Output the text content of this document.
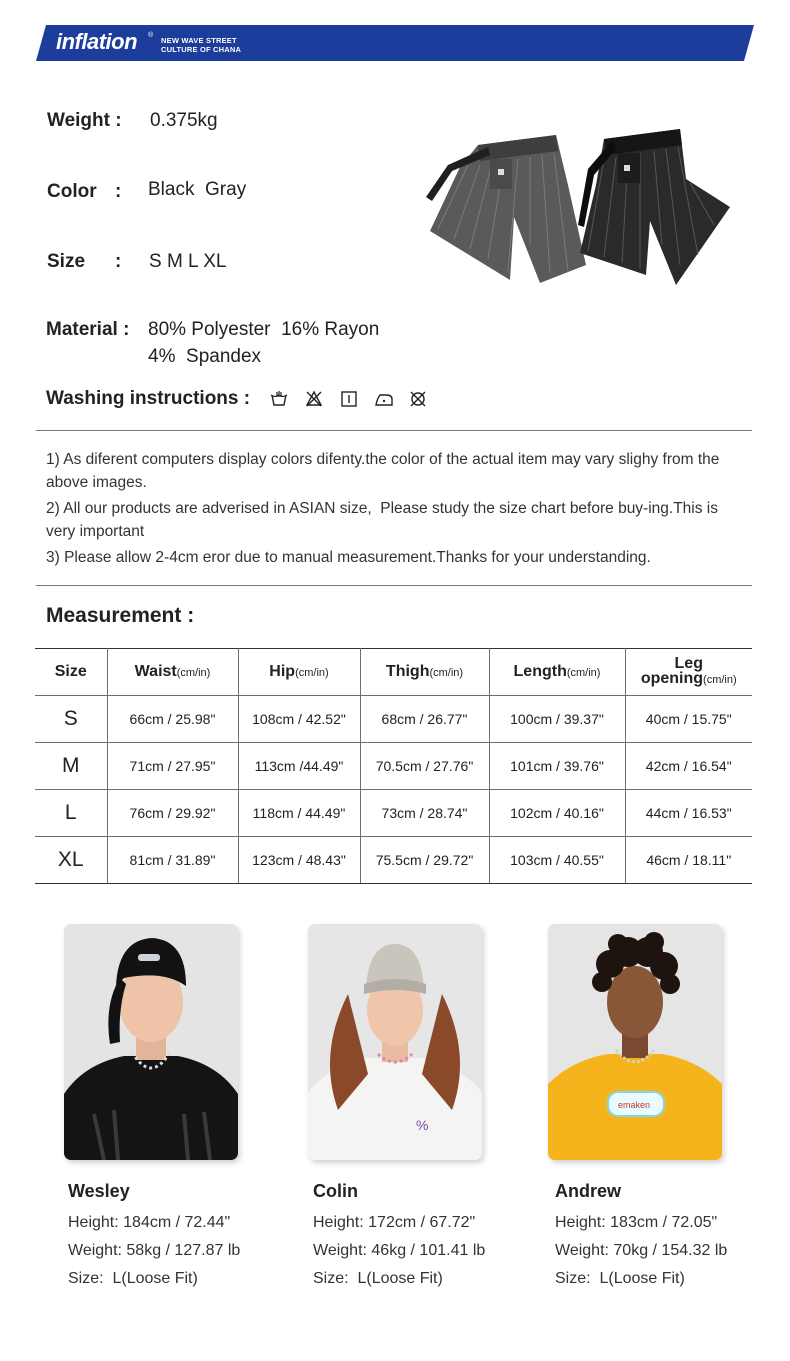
inflation ®
NEW WAVE STREET
CULTURE OF CHANA
Weight : 0.375kg
Color : Black  Gray
Size : S M L XL
Material : 80% Polyester  16% Rayon
4%  Spandex
Washing instructions :

1) As diferent computers display colors difenty.the color of the actual item may vary slighy from the above images.

2) All our products are adverised in ASIAN size,  Please study the size chart before buy-ing.This is very important

3) Please allow 2-4cm eror due to manual measurement.Thanks for your understanding.

Measurement :
Size	Waist(cm/in)	Hip(cm/in)	Thigh(cm/in)	Length(cm/in)	Leg
opening(cm/in)
S	66cm / 25.98"	108cm / 42.52"	68cm / 26.77"	100cm / 39.37"	40cm / 15.75"
M	71cm / 27.95"	113cm /44.49"	70.5cm / 27.76"	101cm / 39.76"	42cm / 16.54"
L	76cm / 29.92"	118cm / 44.49"	73cm / 28.74"	102cm / 40.16"	44cm / 16.53"
XL	81cm / 31.89"	123cm / 48.43"	75.5cm / 29.72"	103cm / 40.55"	46cm / 18.11"
%
emaken
Wesley
Height: 184cm / 72.44"
Weight: 58kg / 127.87 lb
Size:  L(Loose Fit)
Colin
Height: 172cm / 67.72"
Weight: 46kg / 101.41 lb
Size:  L(Loose Fit)
Andrew
Height: 183cm / 72.05"
Weight: 70kg / 154.32 lb
Size:  L(Loose Fit)
